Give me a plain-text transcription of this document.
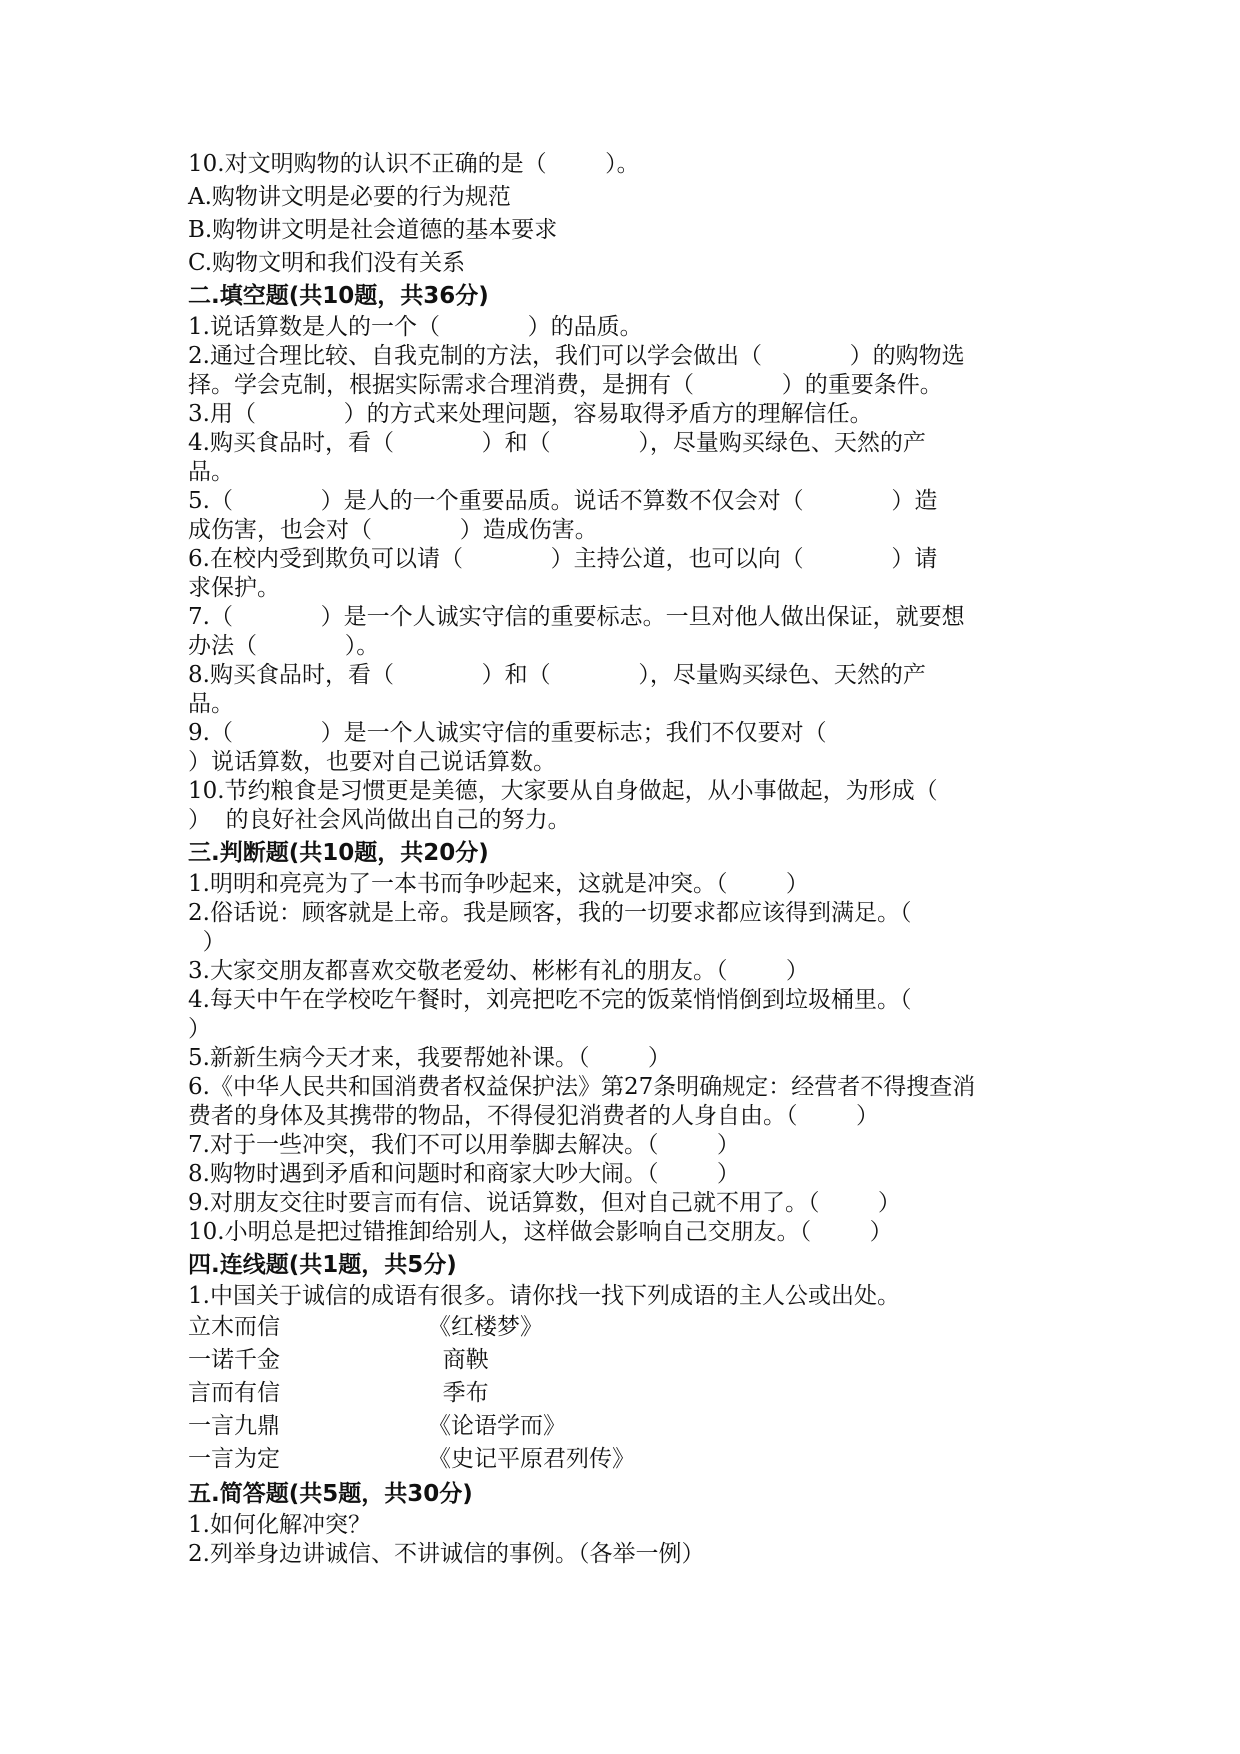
10.对文明购物的认识不正确的是（        ）。

A.购物讲文明是必要的行为规范

B.购物讲文明是社会道德的基本要求

C.购物文明和我们没有关系

二.填空题(共10题，共36分)

1.说话算数是人的一个（            ）的品质。

2.通过合理比较、自我克制的方法，我们可以学会做出（            ）的购物选

择。学会克制，根据实际需求合理消费，是拥有（            ）的重要条件。

3.用（            ）的方式来处理问题，容易取得矛盾方的理解信任。

4.购买食品时，看（            ）和（            ），尽量购买绿色、天然的产

品。

5.（            ）是人的一个重要品质。说话不算数不仅会对（            ）造

成伤害，也会对（            ）造成伤害。

6.在校内受到欺负可以请（            ）主持公道，也可以向（            ）请

求保护。

7.（            ）是一个人诚实守信的重要标志。一旦对他人做出保证，就要想

办法（            ）。

8.购买食品时，看（            ）和（            ），尽量购买绿色、天然的产

品。

9.（            ）是一个人诚实守信的重要标志；我们不仅要对（

）说话算数，也要对自己说话算数。

10.节约粮食是习惯更是美德，大家要从自身做起，从小事做起，为形成（

）  的良好社会风尚做出自己的努力。

三.判断题(共10题，共20分)

1.明明和亮亮为了一本书而争吵起来，这就是冲突。（        ）

2.俗话说：顾客就是上帝。我是顾客，我的一切要求都应该得到满足。（

）

3.大家交朋友都喜欢交敬老爱幼、彬彬有礼的朋友。（        ）

4.每天中午在学校吃午餐时，刘亮把吃不完的饭菜悄悄倒到垃圾桶里。（

）

5.新新生病今天才来，我要帮她补课。（        ）

6.《中华人民共和国消费者权益保护法》第27条明确规定：经营者不得搜查消

费者的身体及其携带的物品，不得侵犯消费者的人身自由。（        ）

7.对于一些冲突，我们不可以用拳脚去解决。（        ）

8.购物时遇到矛盾和问题时和商家大吵大闹。（        ）

9.对朋友交往时要言而有信、说话算数，但对自己就不用了。（        ）

10.小明总是把过错推卸给别人，这样做会影响自己交朋友。（        ）

四.连线题(共1题，共5分)

1.中国关于诚信的成语有很多。请你找一找下列成语的主人公或出处。

立木而信	《红楼梦》
一诺千金	商鞅
言而有信	季布
一言九鼎	《论语学而》
一言为定	《史记平原君列传》
五.简答题(共5题，共30分)

1.如何化解冲突？

2.列举身边讲诚信、不讲诚信的事例。（各举一例）
